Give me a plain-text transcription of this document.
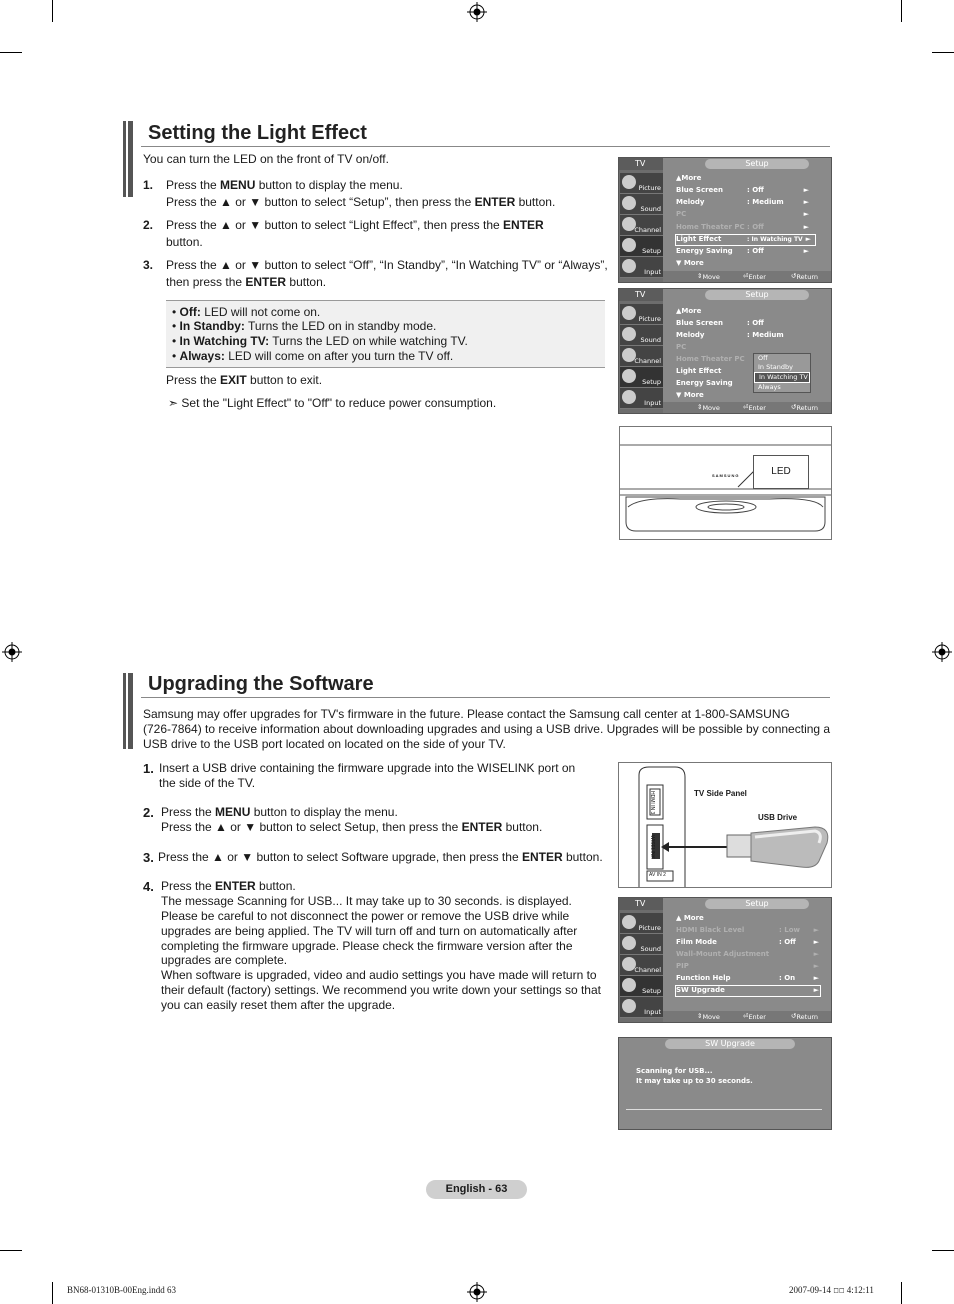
Setting the Light Effect
You can turn the LED on the front of TV on/off.
1. Press the MENU button to display the menu.
Press the ▲ or ▼ button to select “Setup”, then press the ENTER button.
2. Press the ▲ or ▼ button to select “Light Effect”, then press the ENTER
button.
3. Press the ▲ or ▼ button to select “Off”, “In Standby”, “In Watching TV” or “Always”,
then press the ENTER button.
• Off: LED will not come on.
• In Standby: Turns the LED on in standby mode.
• In Watching TV: Turns the LED on while watching TV.
• Always: LED will come on after you turn the TV off.
Press the EXIT button to exit.
➣ Set the "Light Effect" to "Off" to reduce power consumption.
TV	Setup
Picture
Sound
Channel
Setup
Input
▲More
Blue Screen	: Off	►
Melody	: Medium	►
PC	►
Home Theater PC : Off	►
Light Effect	: In Watching TV ►
Energy Saving : Off	►
▼ More
⇕ Move	⏎ Enter	↺ Return
TV	Setup
Picture
Sound
Channel
Setup
Input
▲More
Blue Screen	: Off
Melody	: Medium
PC
Home Theater PC
Light Effect
Energy Saving
▼ More
Off
In Standby
In Watching TV
Always
⇕ Move	⏎ Enter	↺ Return
SAMSUNG	LED
Upgrading the Software
Samsung may offer upgrades for TV's firmware in the future. Please contact the Samsung call center at 1-800-SAMSUNG
(726-7864) to receive information about downloading upgrades and using a USB drive. Upgrades will be possible by connecting a
USB drive to the USB port located on located on the side of your TV.
1. Insert a USB drive containing the firmware upgrade into the WISELINK port on
the side of the TV.
2. Press the MENU button to display the menu.
Press the ▲ or ▼ button to select Setup, then press the ENTER button.
3. Press the ▲ or ▼ button to select Software upgrade, then press the ENTER button.
4. Press the ENTER button.
The message Scanning for USB... It may take up to 30 seconds. is displayed.
Please be careful to not disconnect the power or remove the USB drive while
upgrades are being applied. The TV will turn off and turn on automatically after
completing the firmware upgrade. Please check the firmware version after the
upgrades are complete.
When software is upgraded, video and audio settings you have made will return to
their default (factory) settings. We recommend you write down your settings so that
you can easily reset them after the upgrade.
HDMI IN 3
WISELINK
AV IN 2
TV Side Panel
USB Drive
TV	Setup
Picture
Sound
Channel
Setup
Input
▲ More
HDMI Black Level	: Low ►
Film Mode	: Off	►
Wall-Mount Adjustment	►
PIP	►
Function Help	: On	►
SW Upgrade	►
⇕ Move	⏎ Enter	↺ Return
SW Upgrade
Scanning for USB...
It may take up to 30 seconds.
English - 63
BN68-01310B-00Eng.indd 63	2007-09-14 ﾿﾿ 4:12:11
